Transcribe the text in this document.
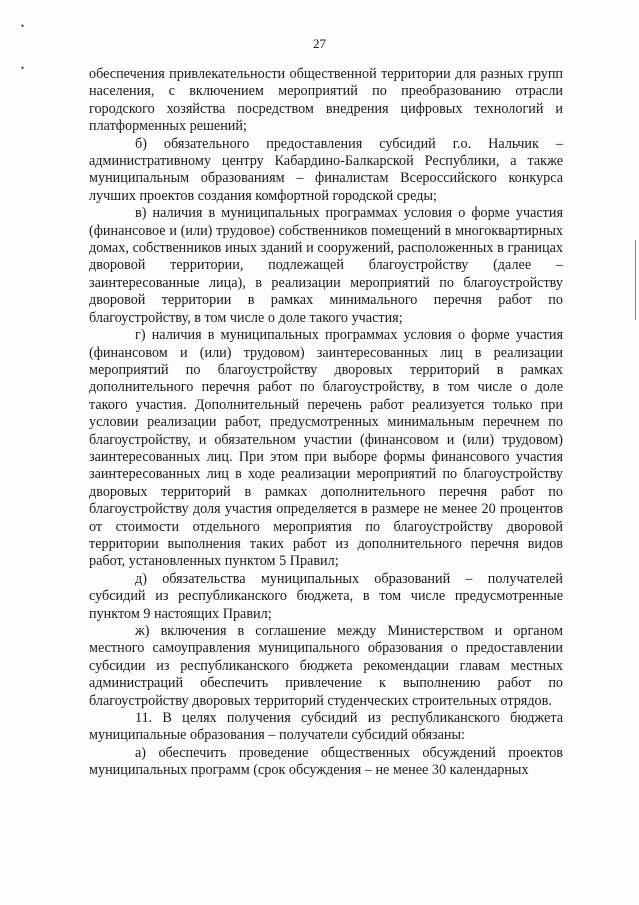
•
•
27

обеспечения привлекательности общественной территории для разных групп населения, с включением мероприятий по преобразованию отрасли городского хозяйства посредством внедрения цифровых технологий и платформенных решений;

б) обязательного предоставления субсидий г.о. Нальчик – административному центру Кабардино-Балкарской Республики, а также муниципальным образованиям – финалистам Всероссийского конкурса лучших проектов создания комфортной городской среды;

в) наличия в муниципальных программах условия о форме участия (финансовое и (или) трудовое) собственников помещений в многоквартирных домах, собственников иных зданий и сооружений, расположенных в границах дворовой территории, подлежащей благоустройству (далее – заинтересованные лица), в реализации мероприятий по благоустройству дворовой территории в рамках минимального перечня работ по благоустройству, в том числе о доле такого участия;

г) наличия в муниципальных программах условия о форме участия (финансовом и (или) трудовом) заинтересованных лиц в реализации мероприятий по благоустройству дворовых территорий в рамках дополнительного перечня работ по благоустройству, в том числе о доле такого участия. Дополнительный перечень работ реализуется только при условии реализации работ, предусмотренных минимальным перечнем по благоустройству, и обязательном участии (финансовом и (или) трудовом) заинтересованных лиц. При этом при выборе формы финансового участия заинтересованных лиц в ходе реализации мероприятий по благоустройству дворовых территорий в рамках дополнительного перечня работ по благоустройству доля участия определяется в размере не менее 20 процентов от стоимости отдельного мероприятия по благоустройству дворовой территории выполнения таких работ из дополнительного перечня видов работ, установленных пунктом 5 Правил;

д) обязательства муниципальных образований – получателей субсидий из республиканского бюджета, в том числе предусмотренные пунктом 9 настоящих Правил;

ж) включения в соглашение между Министерством и органом местного самоуправления муниципального образования о предоставлении субсидии из республиканского бюджета рекомендации главам местных администраций обеспечить привлечение к выполнению работ по благоустройству дворовых территорий студенческих строительных отрядов.

11. В целях получения субсидий из республиканского бюджета муниципальные образования – получатели субсидий обязаны:

а) обеспечить проведение общественных обсуждений проектов муниципальных программ (срок обсуждения – не менее 30 календарных
